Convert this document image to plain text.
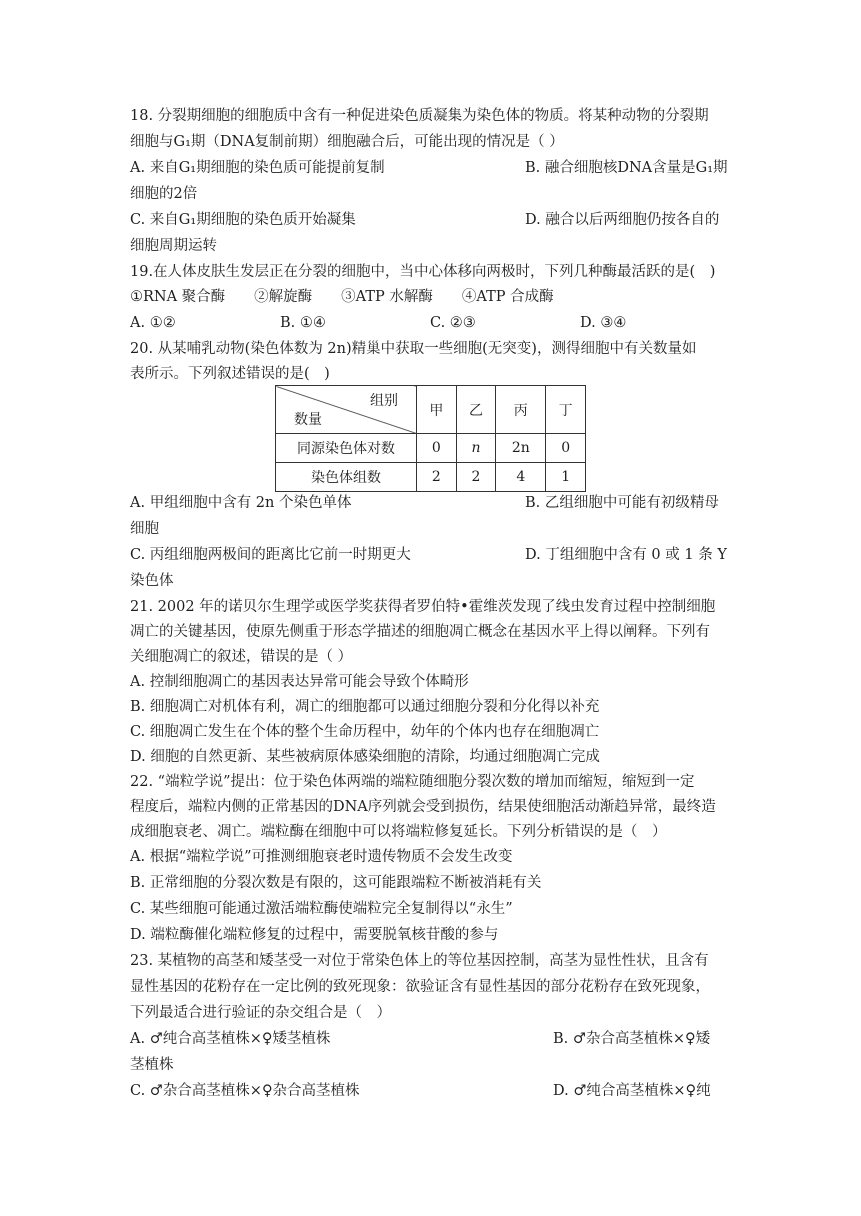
18. 分裂期细胞的细胞质中含有一种促进染色质凝集为染色体的物质。将某种动物的分裂期
细胞与G₁期（DNA复制前期）细胞融合后，可能出现的情况是（ ）
A. 来自G₁期细胞的染色质可能提前复制	B. 融合细胞核DNA含量是G₁期
细胞的2倍
C. 来自G₁期细胞的染色质开始凝集	D. 融合以后两细胞仍按各自的
细胞周期运转
19.在人体皮肤生发层正在分裂的细胞中，当中心体移向两极时，下列几种酶最活跃的是(　)
①RNA 聚合酶　　②解旋酶　　③ATP 水解酶　　④ATP 合成酶
A. ①②	B. ①④	C. ②③	D. ③④
20. 从某哺乳动物(染色体数为 2n)精巢中获取一些细胞(无突变)，测得细胞中有关数量如
表所示。下列叙述错误的是(　)
组别
数量	甲	乙	丙	丁
同源染色体对数	0	n	2n	0
染色体组数	2	2	4	1
A. 甲组细胞中含有 2n 个染色单体	B. 乙组细胞中可能有初级精母
细胞
C. 丙组细胞两极间的距离比它前一时期更大	D. 丁组细胞中含有 0 或 1 条 Y
染色体
21. 2002 年的诺贝尔生理学或医学奖获得者罗伯特•霍维茨发现了线虫发育过程中控制细胞
凋亡的关键基因，使原先侧重于形态学描述的细胞凋亡概念在基因水平上得以阐释。下列有
关细胞凋亡的叙述，错误的是（ ）
A. 控制细胞凋亡的基因表达异常可能会导致个体畸形
B. 细胞凋亡对机体有利，凋亡的细胞都可以通过细胞分裂和分化得以补充
C. 细胞凋亡发生在个体的整个生命历程中，幼年的个体内也存在细胞凋亡
D. 细胞的自然更新、某些被病原体感染细胞的清除，均通过细胞凋亡完成
22. “端粒学说”提出：位于染色体两端的端粒随细胞分裂次数的增加而缩短，缩短到一定
程度后，端粒内侧的正常基因的DNA序列就会受到损伤，结果使细胞活动渐趋异常，最终造
成细胞衰老、凋亡。端粒酶在细胞中可以将端粒修复延长。下列分析错误的是（　）
A. 根据“端粒学说”可推测细胞衰老时遗传物质不会发生改变
B. 正常细胞的分裂次数是有限的，这可能跟端粒不断被消耗有关
C. 某些细胞可能通过激活端粒酶使端粒完全复制得以“永生”
D. 端粒酶催化端粒修复的过程中，需要脱氧核苷酸的参与
23. 某植物的高茎和矮茎受一对位于常染色体上的等位基因控制，高茎为显性性状，且含有
显性基因的花粉存在一定比例的致死现象：欲验证含有显性基因的部分花粉存在致死现象，
下列最适合进行验证的杂交组合是（　）
A. ♂纯合高茎植株×♀矮茎植株	B. ♂杂合高茎植株×♀矮
茎植株
C. ♂杂合高茎植株×♀杂合高茎植株	D. ♂纯合高茎植株×♀纯
